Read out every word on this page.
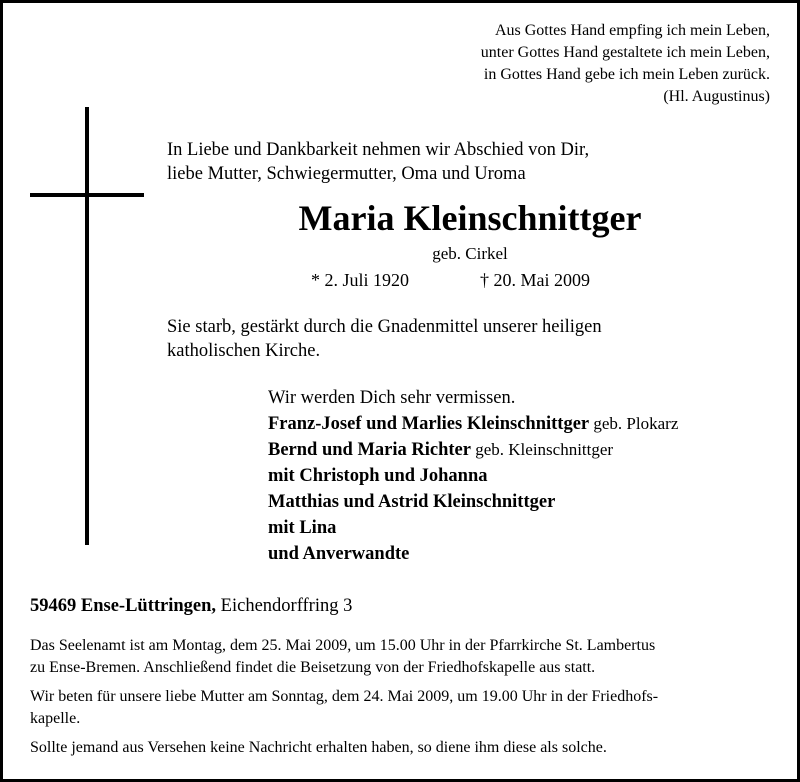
Aus Gottes Hand empfing ich mein Leben,
unter Gottes Hand gestaltete ich mein Leben,
in Gottes Hand gebe ich mein Leben zurück.
(Hl. Augustinus)
In Liebe und Dankbarkeit nehmen wir Abschied von Dir,
liebe Mutter, Schwiegermutter, Oma und Uroma
Maria Kleinschnittger
geb. Cirkel
* 2. Juli 1920	† 20. Mai 2009
Sie starb, gestärkt durch die Gnadenmittel unserer heiligen
katholischen Kirche.
Wir werden Dich sehr vermissen.
Franz-Josef und Marlies Kleinschnittger geb. Plokarz
Bernd und Maria Richter geb. Kleinschnittger
mit Christoph und Johanna
Matthias und Astrid Kleinschnittger
mit Lina
und Anverwandte
59469 Ense-Lüttringen, Eichendorffring 3
Das Seelenamt ist am Montag, dem 25. Mai 2009, um 15.00 Uhr in der Pfarrkirche St. Lambertus
zu Ense-Bremen. Anschließend findet die Beisetzung von der Friedhofskapelle aus statt.
Wir beten für unsere liebe Mutter am Sonntag, dem 24. Mai 2009, um 19.00 Uhr in der Friedhofs-
kapelle.
Sollte jemand aus Versehen keine Nachricht erhalten haben, so diene ihm diese als solche.
